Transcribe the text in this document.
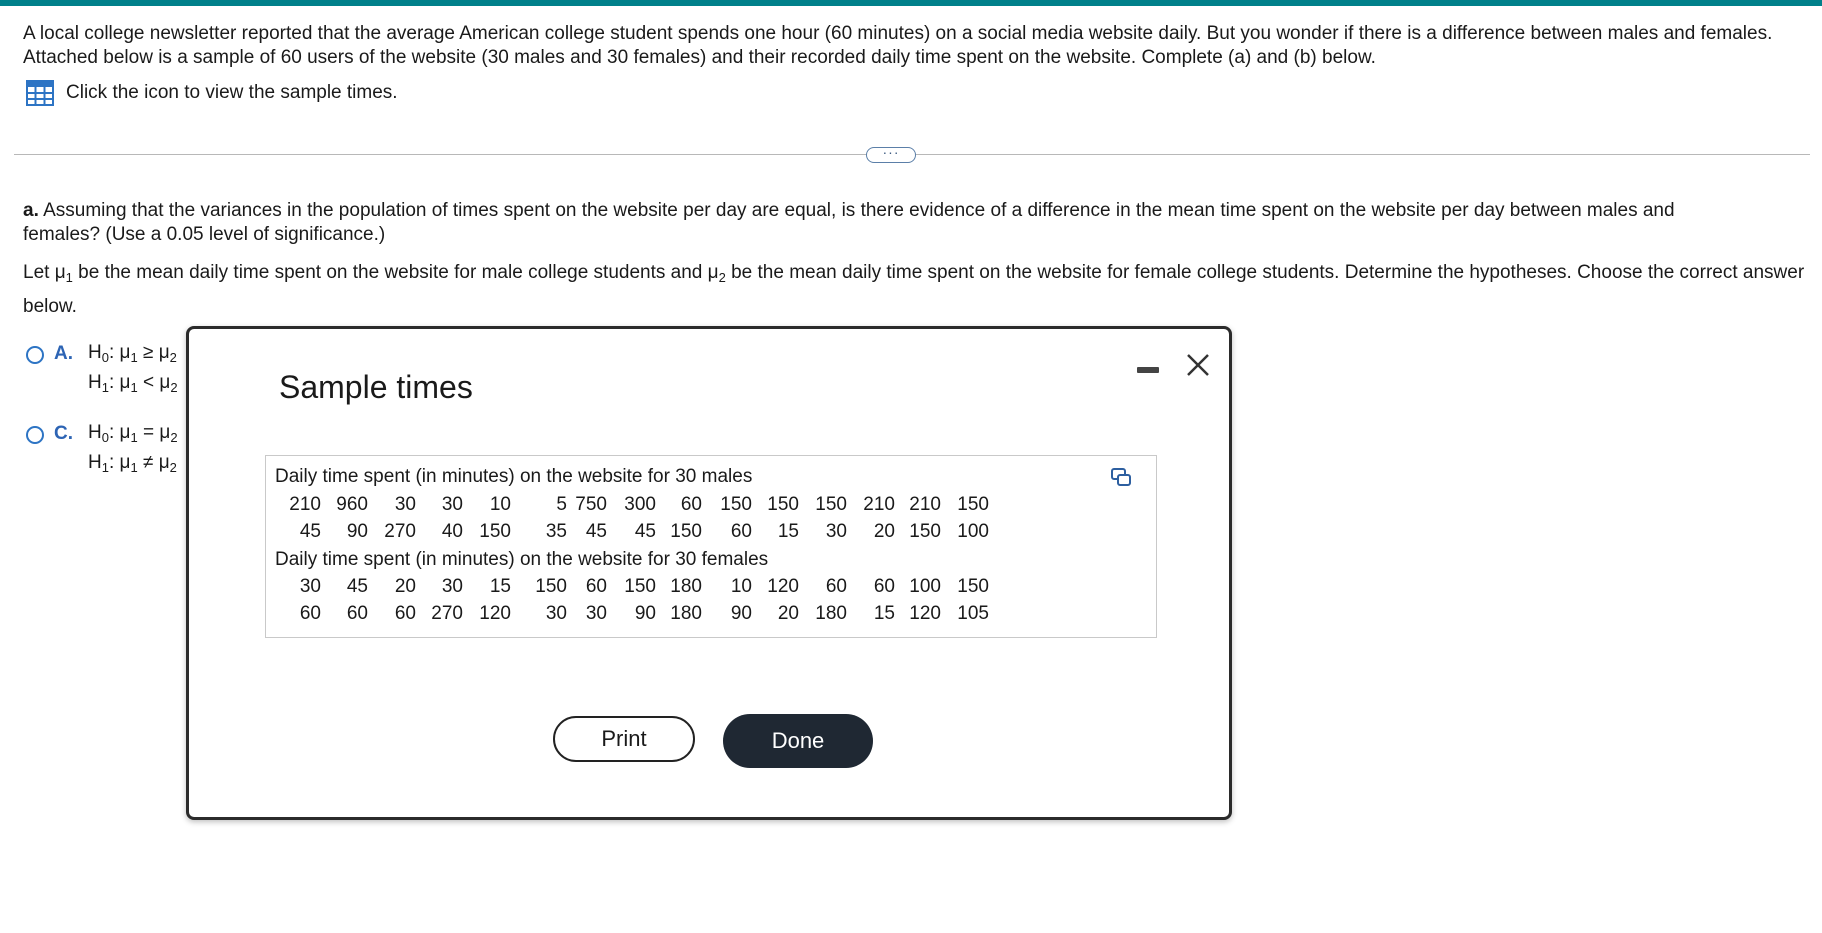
A local college newsletter reported that the average American college student spends one hour (60 minutes) on a social media website daily. But you wonder if there is a difference between males and females. Attached below is a sample of 60 users of the website (30 males and 30 females) and their recorded daily time spent on the website. Complete (a) and (b) below.
Click the icon to view the sample times.
···
a. Assuming that the variances in the population of times spent on the website per day are equal, is there evidence of a difference in the mean time spent on the website per day between males and females? (Use a 0.05 level of significance.)
Let $\mu_1$ be the mean daily time spent on the website for male college students and $\mu_2$ be the mean daily time spent on the website for female college students. Determine the hypotheses. Choose the correct answer below.
A. $H_0$: $\mu_1 \ge \mu_2$
$H_1$: $\mu_1 < \mu_2$
C. $H_0$: $\mu_1 = \mu_2$
$H_1$: $\mu_1 \ne \mu_2$
Sample times
Daily time spent (in minutes) on the website for 30 males
210 960	30	30	10	5 750 300	60 150 150 150 210 210 150
45	90 270	40 150	35 45	45 150	60	15	30	20 150 100
Daily time spent (in minutes) on the website for 30 females
30	45	20	30	15	150 60 150 180	10 120	60	60 100 150
60	60	60 270 120	30 30	90 180	90	20 180	15 120 105
Print	Done
